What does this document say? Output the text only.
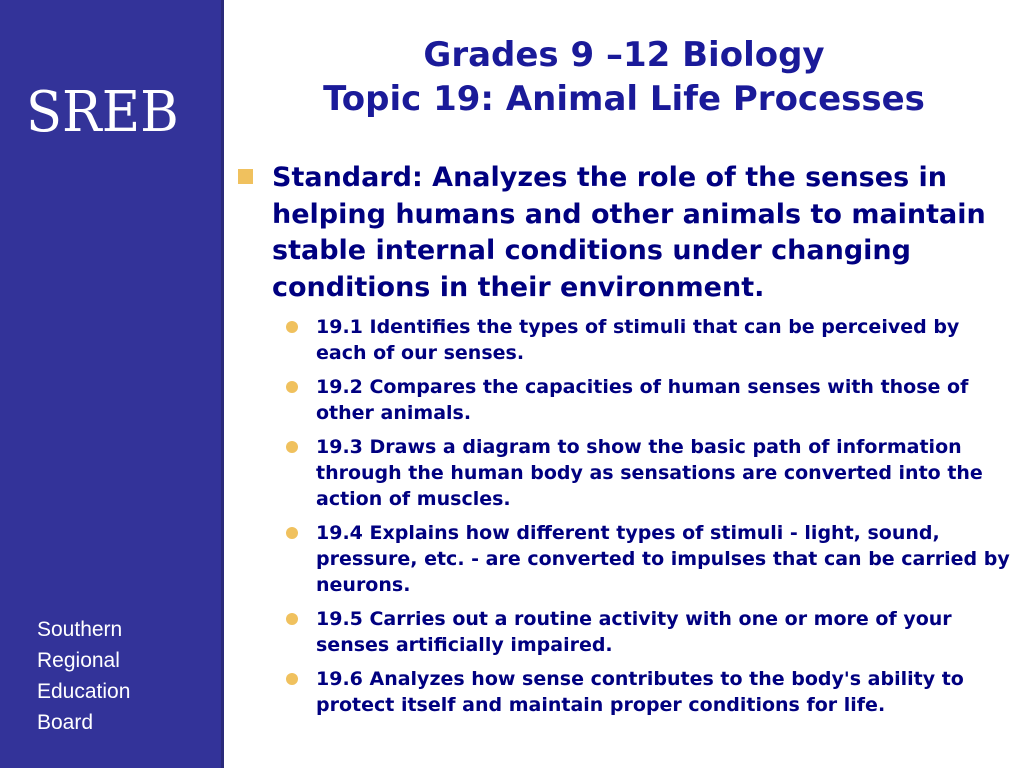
SREB
Southern
Regional
Education
Board
Grades 9 –12 Biology
Topic 19: Animal Life Processes
Standard: Analyzes the role of the senses in helping humans and other animals to maintain stable internal conditions under changing conditions in their environment.
19.1 Identifies the types of stimuli that can be perceived by each of our senses.
19.2 Compares the capacities of human senses with those of other animals.
19.3 Draws a diagram to show the basic path of information through the human body as sensations are converted into the action of muscles.
19.4 Explains how different types of stimuli - light, sound, pressure, etc. - are converted to impulses that can be carried by neurons.
19.5 Carries out a routine activity with one or more of your senses artificially impaired.
19.6 Analyzes how sense contributes to the body's ability to protect itself and maintain proper conditions for life.
